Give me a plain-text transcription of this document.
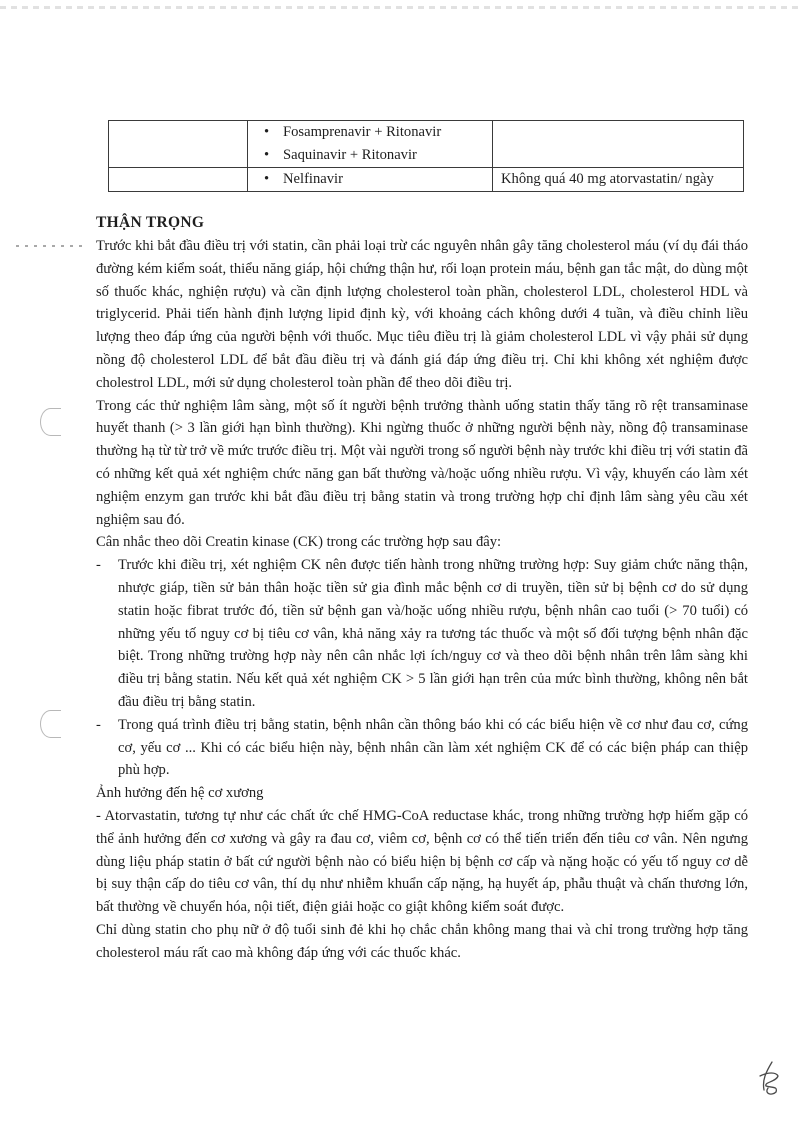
	• Fosamprenavir + Ritonavir
• Saquinavir + Ritonavir	

	• Nelfinavir	Không quá 40 mg atorvastatin/ ngày

THẬN TRỌNG

Trước khi bắt đầu điều trị với statin, cần phải loại trừ các nguyên nhân gây tăng cholesterol máu (ví dụ đái tháo đường kém kiểm soát, thiểu năng giáp, hội chứng thận hư, rối loạn protein máu, bệnh gan tắc mật, do dùng một số thuốc khác, nghiện rượu) và cần định lượng cholesterol toàn phần, cholesterol LDL, cholesterol HDL và triglycerid. Phải tiến hành định lượng lipid định kỳ, với khoảng cách không dưới 4 tuần, và điều chỉnh liều lượng theo đáp ứng của người bệnh với thuốc. Mục tiêu điều trị là giảm cholesterol LDL vì vậy phải sử dụng nồng độ cholesterol LDL để bắt đầu điều trị và đánh giá đáp ứng điều trị. Chỉ khi không xét nghiệm được cholestrol LDL, mới sử dụng cholesterol toàn phần để theo dõi điều trị.

Trong các thử nghiệm lâm sàng, một số ít người bệnh trưởng thành uống statin thấy tăng rõ rệt transaminase huyết thanh (> 3 lần giới hạn bình thường). Khi ngừng thuốc ở những người bệnh này, nồng độ transaminase thường hạ từ từ trở về mức trước điều trị. Một vài người trong số người bệnh này trước khi điều trị với statin đã có những kết quả xét nghiệm chức năng gan bất thường và/hoặc uống nhiều rượu. Vì vậy, khuyến cáo làm xét nghiệm enzym gan trước khi bắt đầu điều trị bằng statin và trong trường hợp chỉ định lâm sàng yêu cầu xét nghiệm sau đó.

Cân nhắc theo dõi Creatin kinase (CK) trong các trường hợp sau đây:

-	Trước khi điều trị, xét nghiệm CK nên được tiến hành trong những trường hợp: Suy giảm chức năng thận, nhược giáp, tiền sử bản thân hoặc tiền sử gia đình mắc bệnh cơ di truyền, tiền sử bị bệnh cơ do sử dụng statin hoặc fibrat trước đó, tiền sử bệnh gan và/hoặc uống nhiều rượu, bệnh nhân cao tuổi (> 70 tuổi) có những yếu tố nguy cơ bị tiêu cơ vân, khả năng xảy ra tương tác thuốc và một số đối tượng bệnh nhân đặc biệt. Trong những trường hợp này nên cân nhắc lợi ích/nguy cơ và theo dõi bệnh nhân trên lâm sàng khi điều trị bằng statin. Nếu kết quả xét nghiệm CK > 5 lần giới hạn trên của mức bình thường, không nên bắt đầu điều trị bằng statin.
-	Trong quá trình điều trị bằng statin, bệnh nhân cần thông báo khi có các biểu hiện về cơ như đau cơ, cứng cơ, yếu cơ ... Khi có các biểu hiện này, bệnh nhân cần làm xét nghiệm CK để có các biện pháp can thiệp phù hợp.

Ảnh hưởng đến hệ cơ xương

- Atorvastatin, tương tự như các chất ức chế HMG-CoA reductase khác, trong những trường hợp hiếm gặp có thể ảnh hưởng đến cơ xương và gây ra đau cơ, viêm cơ, bệnh cơ có thể tiến triển đến tiêu cơ vân. Nên ngưng dùng liệu pháp statin ở bất cứ người bệnh nào có biểu hiện bị bệnh cơ cấp và nặng hoặc có yếu tố nguy cơ dễ bị suy thận cấp do tiêu cơ vân, thí dụ như nhiễm khuẩn cấp nặng, hạ huyết áp, phẫu thuật và chấn thương lớn, bất thường về chuyển hóa, nội tiết, điện giải hoặc co giật không kiểm soát được.

Chỉ dùng statin cho phụ nữ ở độ tuổi sinh đẻ khi họ chắc chắn không mang thai và chỉ trong trường hợp tăng cholesterol máu rất cao mà không đáp ứng với các thuốc khác.
